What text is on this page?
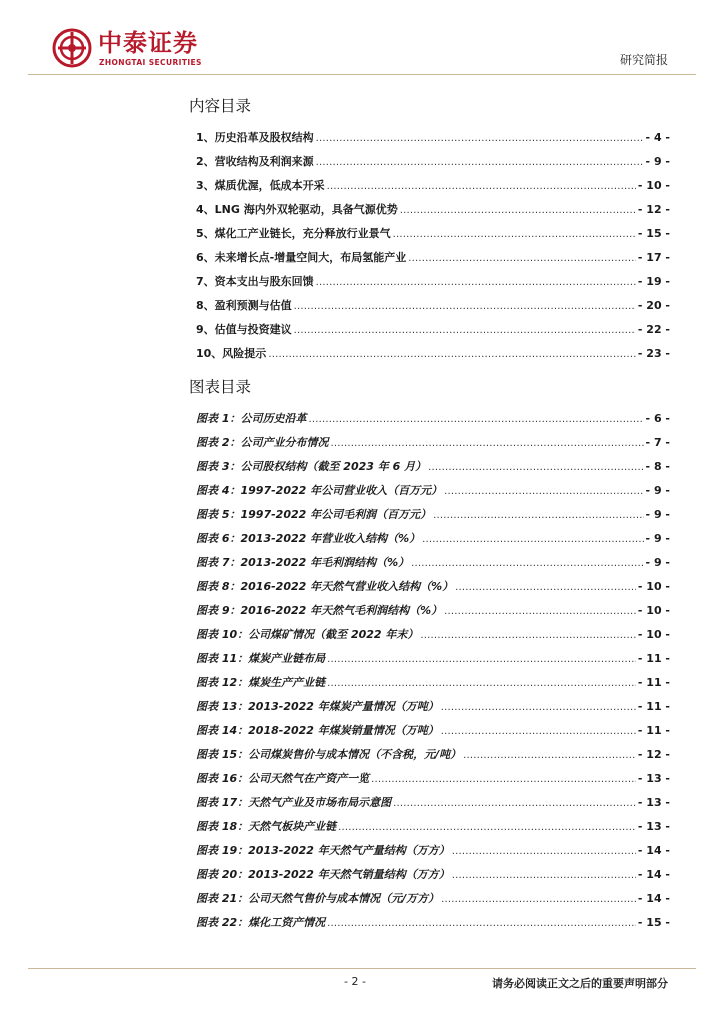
中泰证券
ZHONGTAI SECURITIES	研究简报
内容目录
1、历史沿革及股权结构 .....	- 4 -
2、营收结构及利润来源 .....	- 9 -
3、煤质优渥，低成本开采 .....	- 10 -
4、LNG 海内外双轮驱动，具备气源优势 .....	- 12 -
5、煤化工产业链长，充分释放行业景气 .....	- 15 -
6、未来增长点-增量空间大，布局氢能产业 .....	- 17 -
7、资本支出与股东回馈 .....	- 19 -
8、盈利预测与估值 .....	- 20 -
9、估值与投资建议 .....	- 22 -
10、风险提示 .....	- 23 -
图表目录
图表 1：公司历史沿革 .....	- 6 -
图表 2：公司产业分布情况 .....	- 7 -
图表 3：公司股权结构（截至 2023 年 6 月） .....	- 8 -
图表 4：1997-2022 年公司营业收入（百万元） .....	- 9 -
图表 5：1997-2022 年公司毛利润（百万元） .....	- 9 -
图表 6：2013-2022 年营业收入结构（%） .....	- 9 -
图表 7：2013-2022 年毛利润结构（%） .....	- 9 -
图表 8：2016-2022 年天然气营业收入结构（%） .....	- 10 -
图表 9：2016-2022 年天然气毛利润结构（%） .....	- 10 -
图表 10：公司煤矿情况（截至 2022 年末） .....	- 10 -
图表 11：煤炭产业链布局 .....	- 11 -
图表 12：煤炭生产产业链 .....	- 11 -
图表 13：2013-2022 年煤炭产量情况（万吨） .....	- 11 -
图表 14：2018-2022 年煤炭销量情况（万吨） .....	- 11 -
图表 15：公司煤炭售价与成本情况（不含税，元/吨） .....	- 12 -
图表 16：公司天然气在产资产一览 .....	- 13 -
图表 17：天然气产业及市场布局示意图 .....	- 13 -
图表 18：天然气板块产业链 .....	- 13 -
图表 19：2013-2022 年天然气产量结构（万方） .....	- 14 -
图表 20：2013-2022 年天然气销量结构（万方） .....	- 14 -
图表 21：公司天然气售价与成本情况（元/万方） .....	- 14 -
图表 22：煤化工资产情况 .....	- 15 -
- 2 -	请务必阅读正文之后的重要声明部分
